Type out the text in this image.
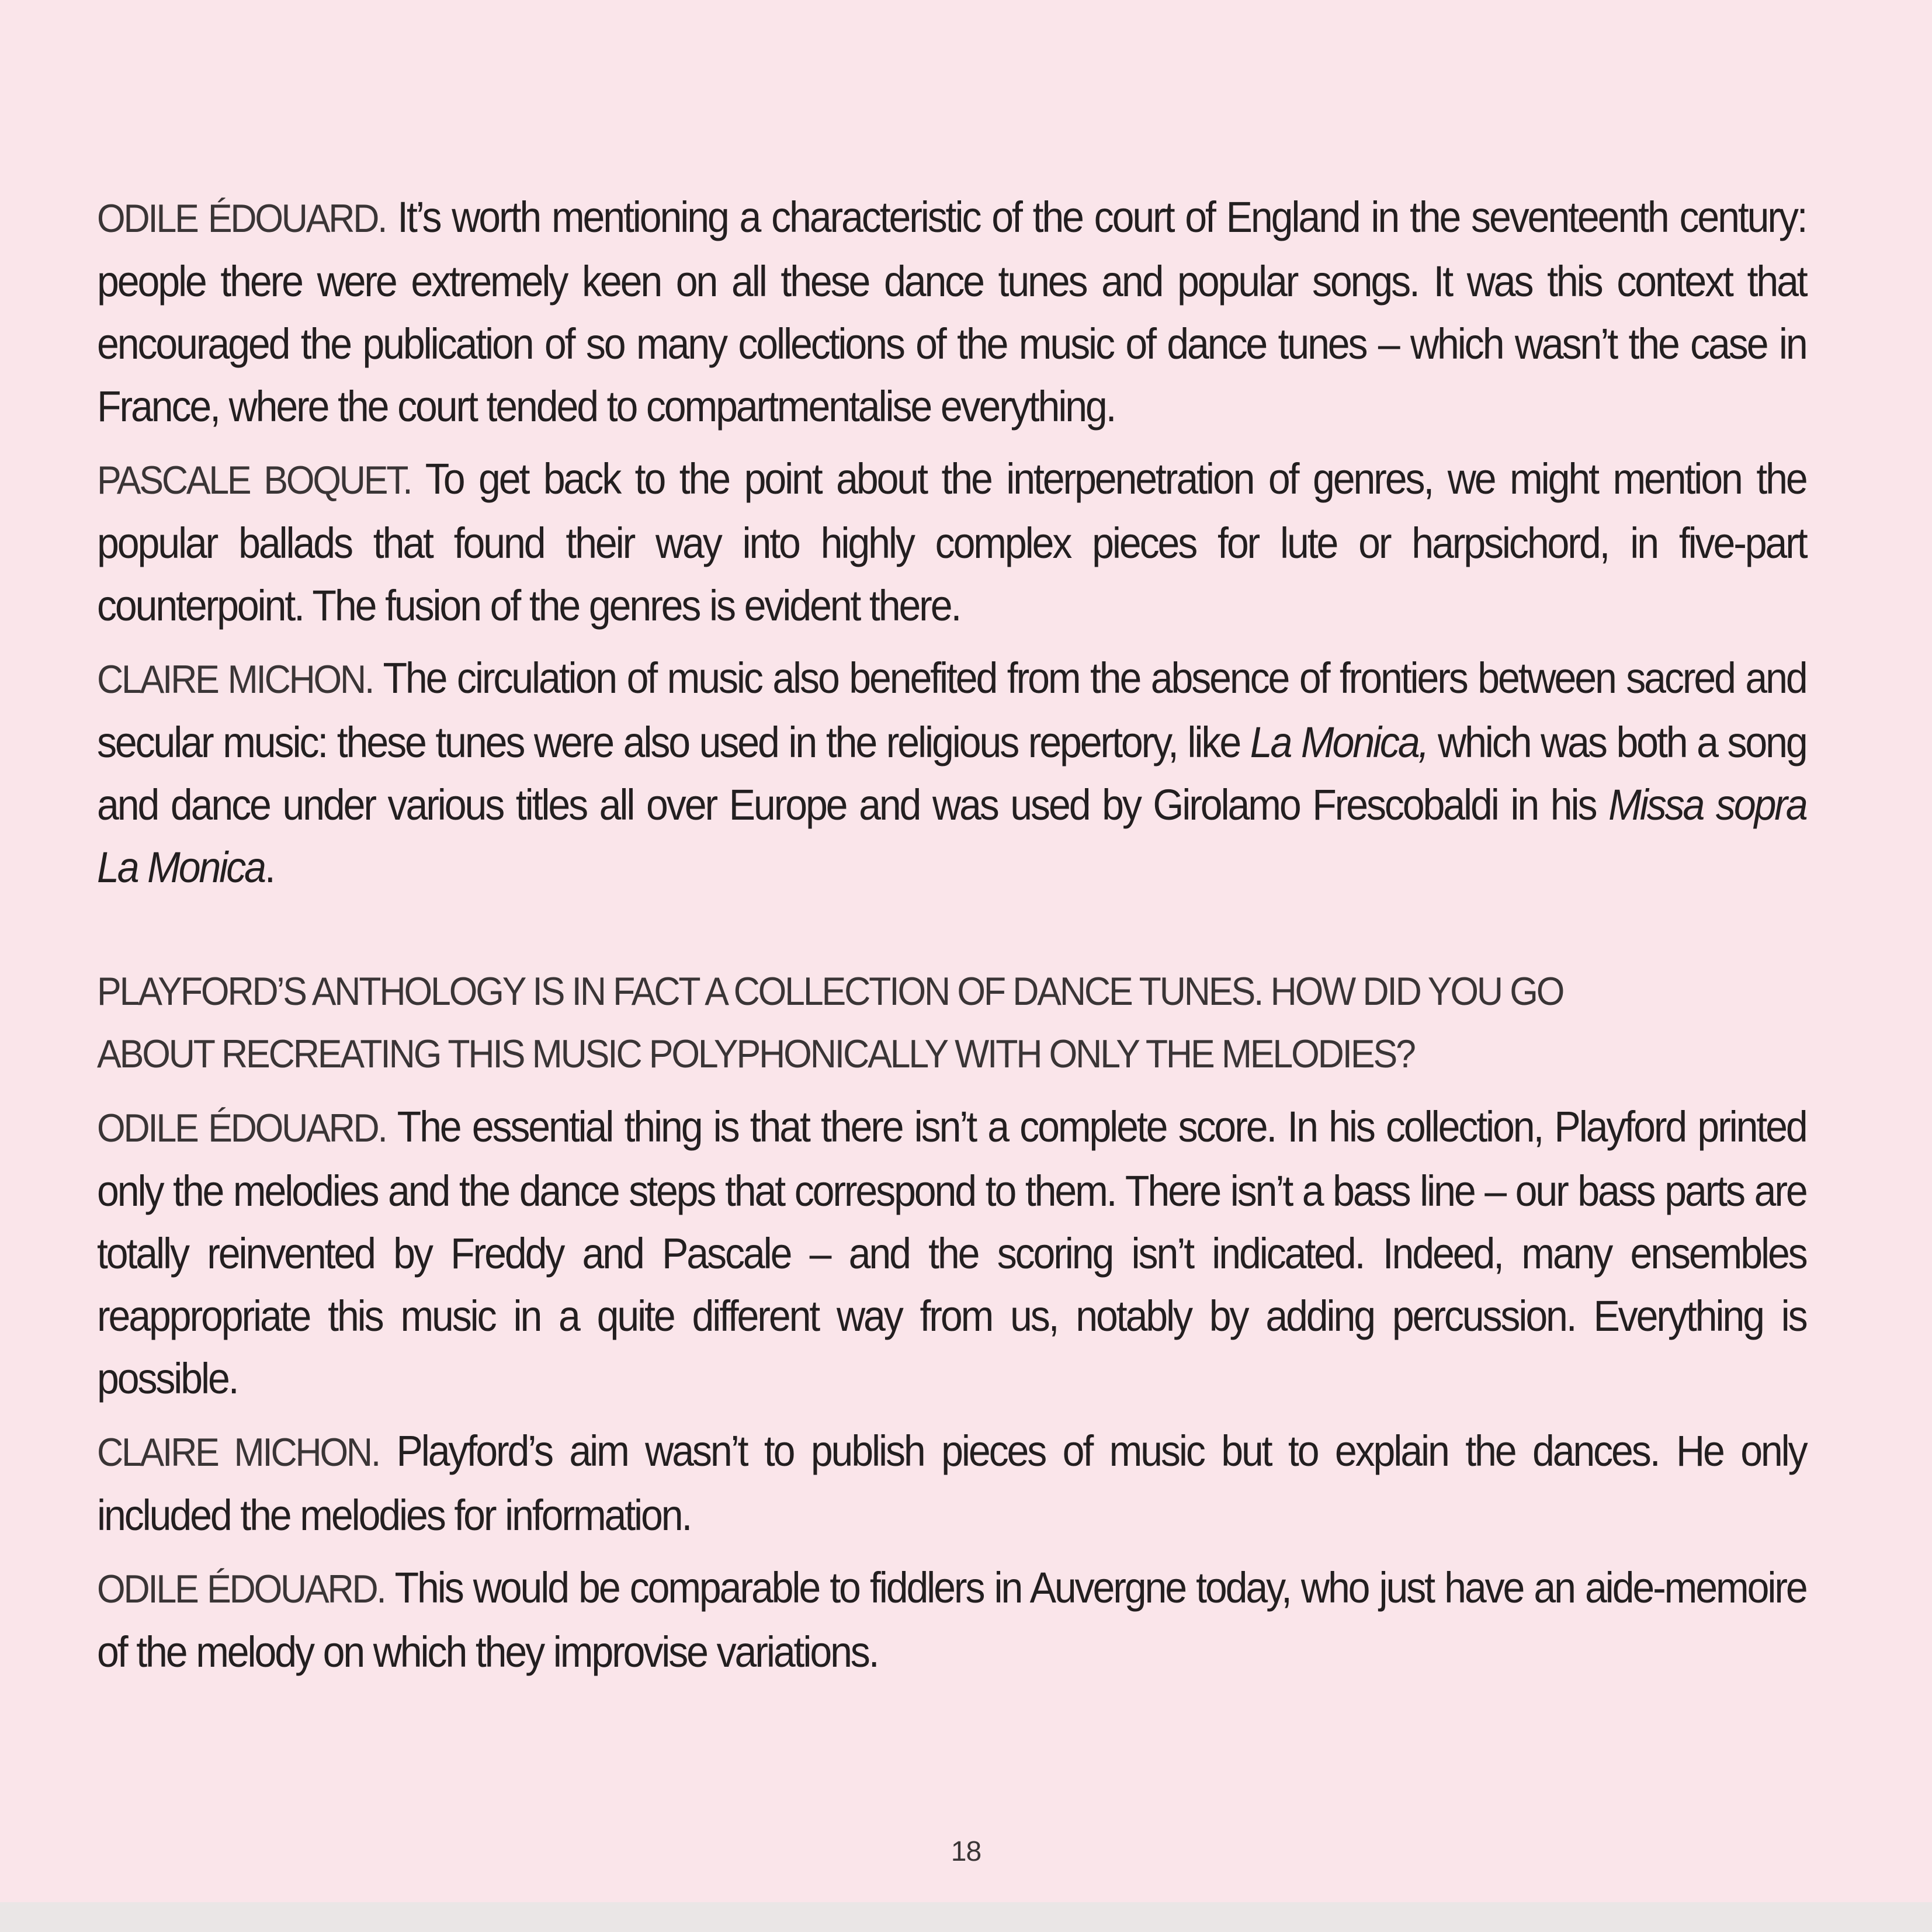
ODILE ÉDOUARD. It’s worth mentioning a characteristic of the court of England in the seventeenth century: people there were extremely keen on all these dance tunes and popular songs. It was this context that encouraged the publication of so many collections of the music of dance tunes – which wasn’t the case in France, where the court tended to compartmentalise everything.

PASCALE BOQUET. To get back to the point about the interpenetration of genres, we might mention the popular ballads that found their way into highly complex pieces for lute or harpsichord, in five-part counterpoint. The fusion of the genres is evident there.

CLAIRE MICHON. The circulation of music also benefited from the absence of frontiers between sacred and secular music: these tunes were also used in the religious repertory, like La Monica, which was both a song and dance under various titles all over Europe and was used by Girolamo Frescobaldi in his Missa sopra La Monica.

PLAYFORD’S ANTHOLOGY IS IN FACT A COLLECTION OF DANCE TUNES. HOW DID YOU GO ABOUT RECREATING THIS MUSIC POLYPHONICALLY WITH ONLY THE MELODIES?

ODILE ÉDOUARD. The essential thing is that there isn’t a complete score. In his collection, Playford printed only the melodies and the dance steps that correspond to them. There isn’t a bass line – our bass parts are totally reinvented by Freddy and Pascale – and the scoring isn’t indicated. Indeed, many ensembles reappropriate this music in a quite different way from us, notably by adding percussion. Everything is possible.

CLAIRE MICHON. Playford’s aim wasn’t to publish pieces of music but to explain the dances. He only included the melodies for information.

ODILE ÉDOUARD. This would be comparable to fiddlers in Auvergne today, who just have an aide-memoire of the melody on which they improvise variations.

18
